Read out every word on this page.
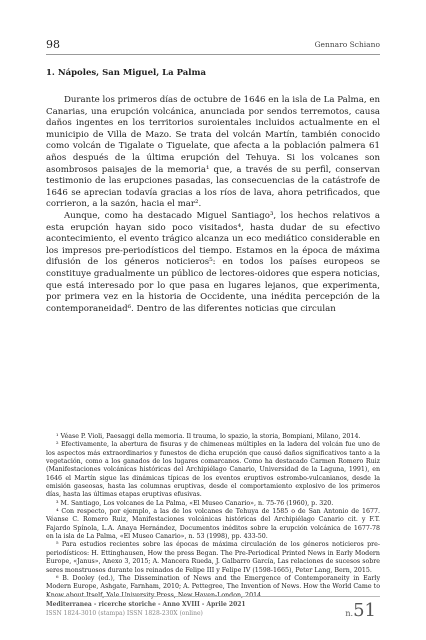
98	Gennaro Schiano
1. Nápoles, San Miguel, La Palma

Durante los primeros días de octubre de 1646 en la isla de La Palma, en Canarias, una erupción volcánica, anunciada por sendos terremotos, causa daños ingentes en los territorios suroientales incluidos actualmente en el municipio de Villa de Mazo. Se trata del volcán Martín, también conocido como volcán de Tigalate o Tiguelate, que afecta a la población palmera 61 años después de la última erupción del Tehuya. Si los volcanes son asombrosos paisajes de la memoria¹ que, a través de su perfil, conservan testimonio de las erupciones pasadas, las consecuencias de la catástrofe de 1646 se aprecian todavía gracias a los ríos de lava, ahora petrificados, que corrieron, a la sazón, hacia el mar².

Aunque, como ha destacado Miguel Santiago³, los hechos relativos a esta erupción hayan sido poco visitados⁴, hasta dudar de su efectivo acontecimiento, el evento trágico alcanza un eco mediático considerable en los impresos pre-periodísticos del tiempo. Estamos en la época de máxima difusión de los géneros noticieros⁵: en todos los países europeos se constituye gradualmente un público de lectores-oidores que espera noticias, que está interesado por lo que pasa en lugares lejanos, que experimenta, por primera vez en la historia de Occidente, una inédita percepción de la contemporaneidad⁶. Dentro de las diferentes noticias que circulan

¹ Véase P. Violi, Paesaggi della memoria. Il trauma, lo spazio, la storia, Bompiani, Milano, 2014.

² Efectivamente, la abertura de fisuras y de chimeneas múltiples en la ladera del volcán fue uno de los aspectos más extraordinarios y funestos de dicha erupción que causó daños significativos tanto a la vegetación, como a los ganados de los lugares comarcanos. Como ha destacado Carmen Romero Ruiz (Manifestaciones volcánicas históricas del Archipiélago Canario, Universidad de la Laguna, 1991), en 1646 el Martín sigue las dinámicas típicas de los eventos eruptivos estrombo-vulcanianos, desde la emisión gaseosas, hasta las columnas eruptivas, desde el comportamiento explosivo de los primeros días, hasta las últimas etapas eruptivas efusivas.

³ M. Santiago, Los volcanes de La Palma, «El Museo Canario», n. 75-76 (1960), p. 320.

⁴ Con respecto, por ejemplo, a las de los volcanes de Tehuya de 1585 o de San Antonio de 1677. Véanse C. Romero Ruiz, Manifestaciones volcánicas históricas del Archipiélago Canario cit. y F.T. Fajardo Spínola, L.A. Anaya Hernández, Documentos inéditos sobre la erupción volcánica de 1677-78 en la isla de La Palma, «El Museo Canario», n. 53 (1998), pp. 433-50.

⁵ Para estudios recientes sobre las épocas de máxima circulación de los géneros noticieros pre-periodísticos: H. Ettinghausen, How the press Began. The Pre-Periodical Printed News in Early Modern Europe, «Janus», Anexo 3, 2015; A. Mancera Rueda, J. Galbarro García, Las relaciones de sucesos sobre seres monstruosos durante los reinados de Felipe III y Felipe IV (1598-1665), Peter Lang, Bern, 2015.

⁶ B. Dooley (ed.), The Dissemination of News and the Emergence of Contemporaneity in Early Modern Europe, Ashgate, Farnham, 2010; A. Pettegree, The Invention of News. How the World Came to Know about Itself, Yale University Press, New Haven-London, 2014.

Mediterranea - ricerche storiche - Anno XVIII - Aprile 2021
ISSN 1824-3010 (stampa) ISSN 1828-230X (online)	n.51
